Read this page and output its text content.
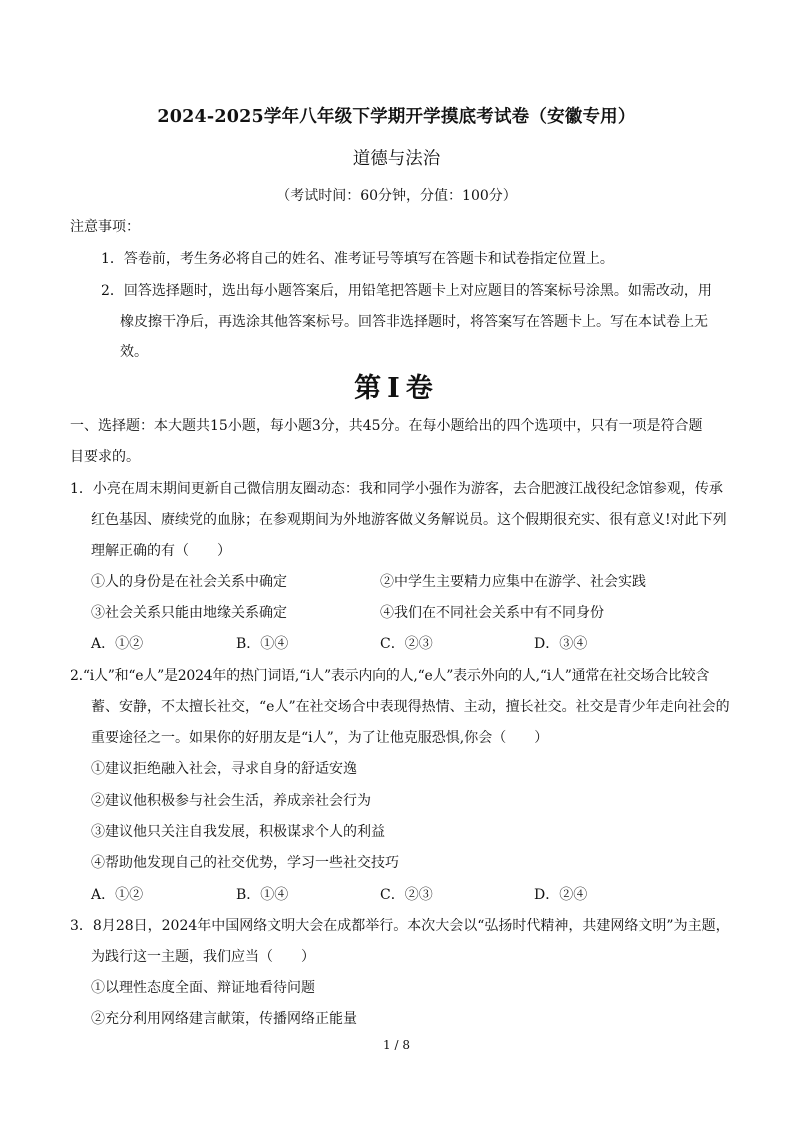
2024-2025学年八年级下学期开学摸底考试卷（安徽专用）
道德与法治
（考试时间：60分钟，分值：100分）
注意事项：
1．答卷前，考生务必将自己的姓名、准考证号等填写在答题卡和试卷指定位置上。
2．回答选择题时，选出每小题答案后，用铅笔把答题卡上对应题目的答案标号涂黑。如需改动，用
橡皮擦干净后，再选涂其他答案标号。回答非选择题时，将答案写在答题卡上。写在本试卷上无
效。
第Ⅰ卷
一、选择题：本大题共15小题，每小题3分，共45分。在每小题给出的四个选项中，只有一项是符合题
目要求的。
1．小亮在周末期间更新自己微信朋友圈动态：我和同学小强作为游客，去合肥渡江战役纪念馆参观，传承
红色基因、赓续党的血脉；在参观期间为外地游客做义务解说员。这个假期很充实、很有意义!对此下列
理解正确的有（　　）
①人的身份是在社会关系中确定	②中学生主要精力应集中在游学、社会实践
③社会关系只能由地缘关系确定	④我们在不同社会关系中有不同身份
A．①②	B．①④	C．②③	D．③④
2.“i人”和“e人”是2024年的热门词语,“i人”表示内向的人,“e人”表示外向的人,“i人”通常在社交场合比较含
蓄、安静，不太擅长社交，“e人”在社交场合中表现得热情、主动，擅长社交。社交是青少年走向社会的
重要途径之一。如果你的好朋友是“i人”，为了让他克服恐惧,你会（　　）
①建议拒绝融入社会，寻求自身的舒适安逸
②建议他积极参与社会生活，养成亲社会行为
③建议他只关注自我发展，积极谋求个人的利益
④帮助他发现自己的社交优势，学习一些社交技巧
A．①②	B．①④	C．②③	D．②④
3．8月28日，2024年中国网络文明大会在成都举行。本次大会以“弘扬时代精神，共建网络文明”为主题，
为践行这一主题，我们应当（　　）
①以理性态度全面、辩证地看待问题
②充分利用网络建言献策，传播网络正能量
1 / 8
